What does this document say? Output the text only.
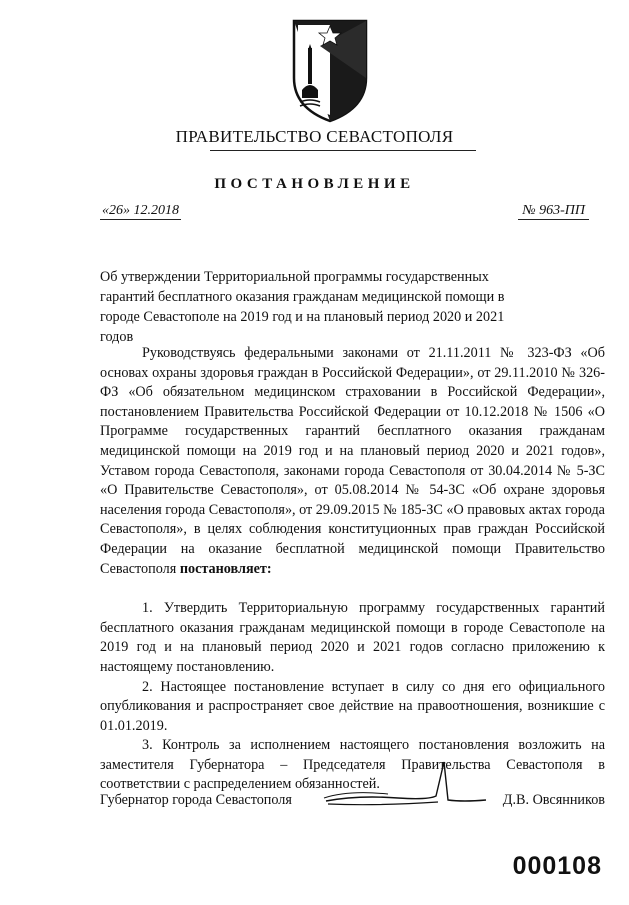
ПРАВИТЕЛЬСТВО СЕВАСТОПОЛЯ
ПОСТАНОВЛЕНИЕ
«26» 12.2018	№ 963-ПП
Об утверждении Территориальной программы государственных гарантий бесплатного оказания гражданам медицинской помощи в городе Севастополе на 2019 год и на плановый период 2020 и 2021 годов

Руководствуясь федеральными законами от 21.11.2011 № 323-ФЗ «Об основах охраны здоровья граждан в Российской Федерации», от 29.11.2010 № 326-ФЗ «Об обязательном медицинском страховании в Российской Федерации», постановлением Правительства Российской Федерации от 10.12.2018 № 1506 «О Программе государственных гарантий бесплатного оказания гражданам медицинской помощи на 2019 год и на плановый период 2020 и 2021 годов», Уставом города Севастополя, законами города Севастополя от 30.04.2014 № 5-ЗС «О Правительстве Севастополя», от 05.08.2014 № 54-ЗС «Об охране здоровья населения города Севастополя», от 29.09.2015 № 185-ЗС «О правовых актах города Севастополя», в целях соблюдения конституционных прав граждан Российской Федерации на оказание бесплатной медицинской помощи Правительство Севастополя постановляет:

1. Утвердить Территориальную программу государственных гарантий бесплатного оказания гражданам медицинской помощи в городе Севастополе на 2019 год и на плановый период 2020 и 2021 годов согласно приложению к настоящему постановлению.

2. Настоящее постановление вступает в силу со дня его официального опубликования и распространяет свое действие на правоотношения, возникшие с 01.01.2019.

3. Контроль за исполнением настоящего постановления возложить на заместителя Губернатора – Председателя Правительства Севастополя в соответствии с распределением обязанностей.

Губернатор города Севастополя	Д.В. Овсянников
000108
